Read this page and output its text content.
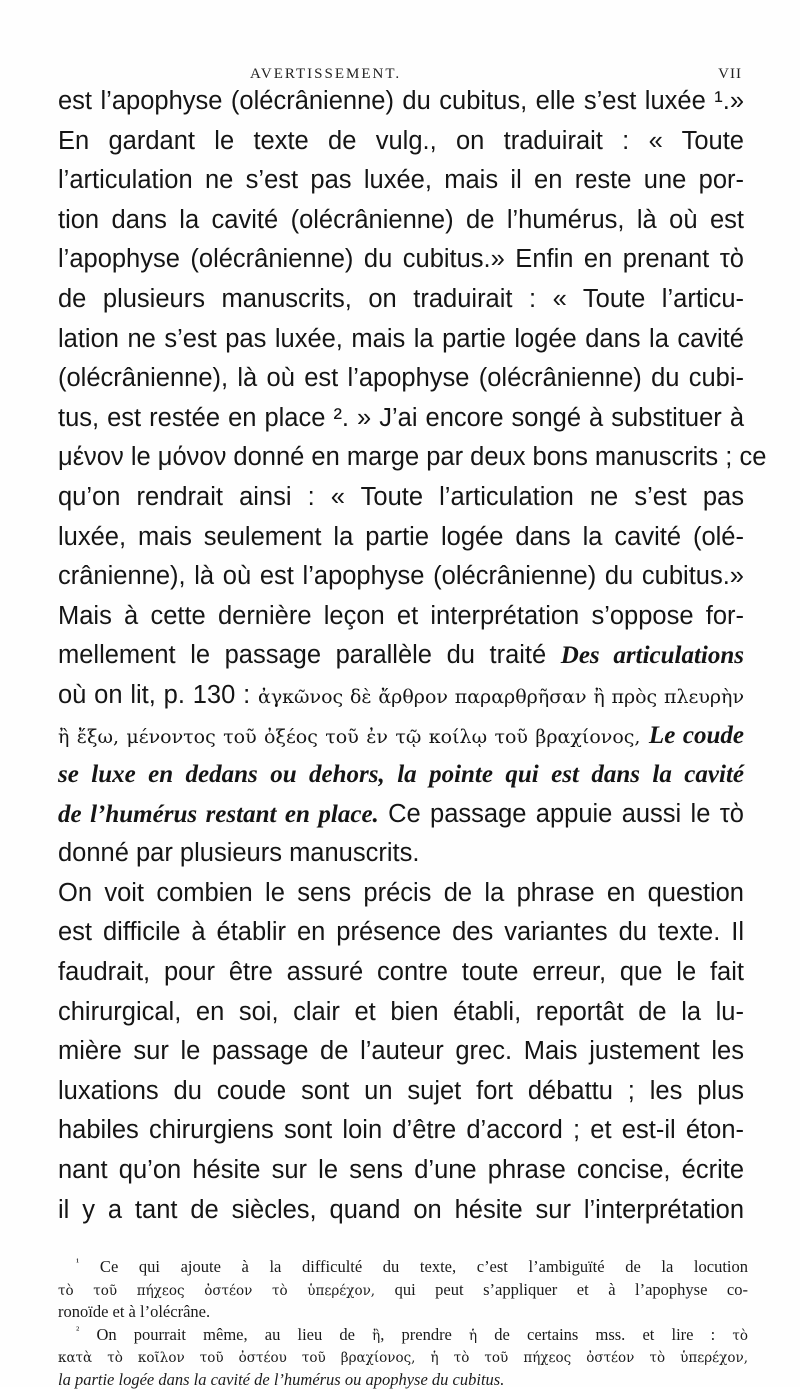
AVERTISSEMENT.	VII
est l’apophyse (olécrânienne) du cubitus, elle s’est luxée ¹.»
En gardant le texte de vulg., on traduirait : « Toute
l’articulation ne s’est pas luxée, mais il en reste une por-
tion dans la cavité (olécrânienne) de l’humérus, là où est
l’apophyse (olécrânienne) du cubitus.» Enfin en prenant τὸ
de plusieurs manuscrits, on traduirait : « Toute l’articu-
lation ne s’est pas luxée, mais la partie logée dans la cavité
(olécrânienne), là où est l’apophyse (olécrânienne) du cubi-
tus, est restée en place ². » J’ai encore songé à substituer à
μένον le μόνον donné en marge par deux bons manuscrits ; ce
qu’on rendrait ainsi : « Toute l’articulation ne s’est pas
luxée, mais seulement la partie logée dans la cavité (olé-
crânienne), là où est l’apophyse (olécrânienne) du cubitus.»
Mais à cette dernière leçon et interprétation s’oppose for-
mellement le passage parallèle du traité Des articulations
où on lit, p. 130 : ἀγκῶνος δὲ ἄρθρον παραρθρῆσαν ἢ πρὸς πλευρὴν
ἢ ἔξω, μένοντος τοῦ ὀξέος τοῦ ἐν τῷ κοίλῳ τοῦ βραχίονος, Le coude
se luxe en dedans ou dehors, la pointe qui est dans la cavité
de l’humérus restant en place. Ce passage appuie aussi le τὸ
donné par plusieurs manuscrits.
On voit combien le sens précis de la phrase en question
est difficile à établir en présence des variantes du texte. Il
faudrait, pour être assuré contre toute erreur, que le fait
chirurgical, en soi, clair et bien établi, reportât de la lu-
mière sur le passage de l’auteur grec. Mais justement les
luxations du coude sont un sujet fort débattu ; les plus
habiles chirurgiens sont loin d’être d’accord ; et est-il éton-
nant qu’on hésite sur le sens d’une phrase concise, écrite
il y a tant de siècles, quand on hésite sur l’interprétation
$^{^1}$ Ce qui ajoute à la difficulté du texte, c’est l’ambiguïté de la locution
τὸ τοῦ πήχεος ὀστέον τὸ ὑπερέχον, qui peut s’appliquer et à l’apophyse co-
ronoïde et à l’olécrâne.
$^{^2}$ On pourrait même, au lieu de ἢ, prendre ἡ de certains mss. et lire : τὸ
κατὰ τὸ κοῖλον τοῦ ὀστέου τοῦ βραχίονος, ἡ τὸ τοῦ πήχεος ὀστέον τὸ ὑπερέχον,
la partie logée dans la cavité de l’humérus ou apophyse du cubitus.
